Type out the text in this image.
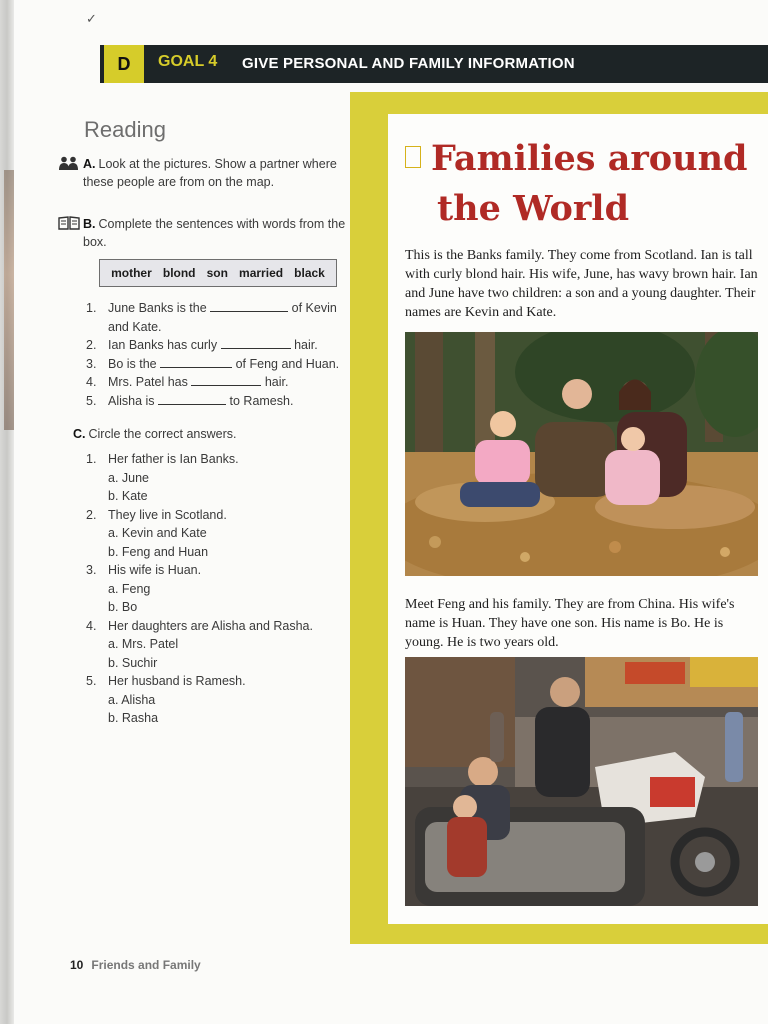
✓
D	GOAL 4 GIVE PERSONAL AND FAMILY INFORMATION
Reading
A. Look at the pictures. Show a partner where these people are from on the map.
B. Complete the sentences with words from the box.
mother blond son married black
1. June Banks is the	of Kevin and Kate.
2. Ian Banks has curly	hair.
3. Bo is the	of Feng and Huan.
4. Mrs. Patel has	hair.
5. Alisha is	to Ramesh.
C. Circle the correct answers.
1. Her father is Ian Banks.
a. June
b. Kate
2. They live in Scotland.
a. Kevin and Kate
b. Feng and Huan
3. His wife is Huan.
a. Feng
b. Bo
4. Her daughters are Alisha and Rasha.
a. Mrs. Patel
b. Suchir
5. Her husband is Ramesh.
a. Alisha
b. Rasha
10 Friends and Family
Families around
the World
This is the Banks family. They come from Scotland. Ian is tall with curly blond hair. His wife, June, has wavy brown hair. Ian and June have two children: a son and a young daughter. Their names are Kevin and Kate.
Meet Feng and his family. They are from China. His wife's name is Huan. They have one son. His name is Bo. He is young. He is two years old.
